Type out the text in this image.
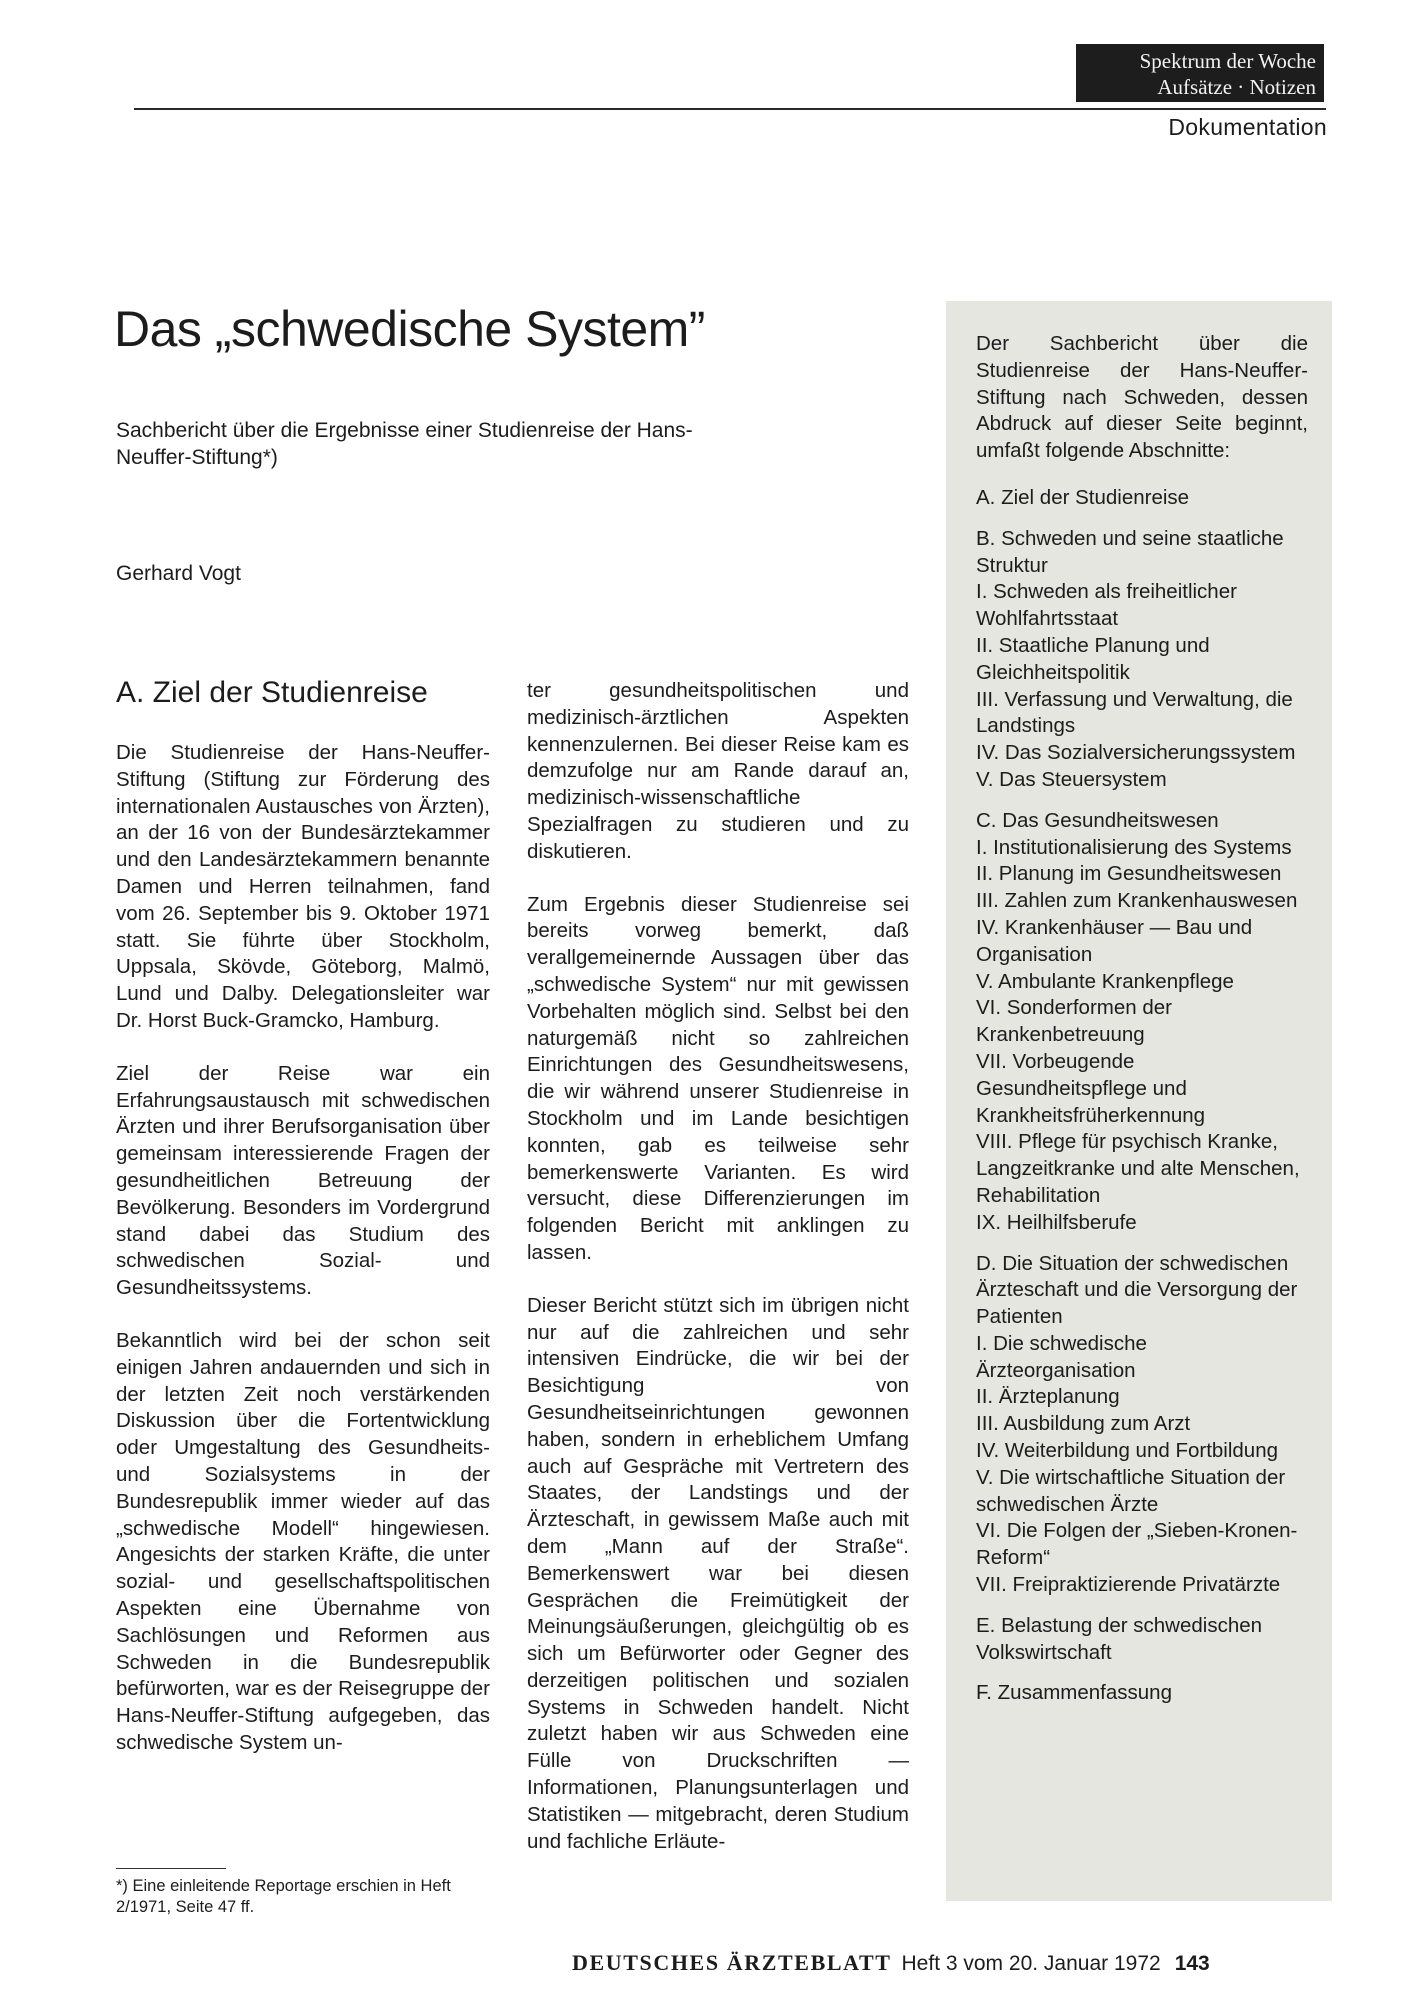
Spektrum der Woche
Aufsätze · Notizen
Dokumentation
Das „schwedische System”

Sachbericht über die Ergebnisse einer Studienreise der Hans-Neuffer-Stiftung*)

Gerhard Vogt

A. Ziel der Studienreise

Die Studienreise der Hans-Neuffer-Stiftung (Stiftung zur Förderung des internationalen Austausches von Ärzten), an der 16 von der Bundesärztekammer und den Landesärztekammern benannte Damen und Herren teilnahmen, fand vom 26. September bis 9. Oktober 1971 statt. Sie führte über Stockholm, Uppsala, Skövde, Göteborg, Malmö, Lund und Dalby. Delegationsleiter war Dr. Horst Buck-Gramcko, Hamburg.

Ziel der Reise war ein Erfahrungsaustausch mit schwedischen Ärzten und ihrer Berufsorganisation über gemeinsam interessierende Fragen der gesundheitlichen Betreuung der Bevölkerung. Besonders im Vordergrund stand dabei das Studium des schwedischen Sozial- und Gesundheitssystems.

Bekanntlich wird bei der schon seit einigen Jahren andauernden und sich in der letzten Zeit noch verstärkenden Diskussion über die Fortentwicklung oder Umgestaltung des Gesundheits- und Sozialsystems in der Bundesrepublik immer wieder auf das „schwedische Modell“ hingewiesen. Angesichts der starken Kräfte, die unter sozial- und gesellschaftspolitischen Aspekten eine Übernahme von Sachlösungen und Reformen aus Schweden in die Bundesrepublik befürworten, war es der Reisegruppe der Hans-Neuffer-Stiftung aufgegeben, das schwedische System un-

ter gesundheitspolitischen und medizinisch-ärztlichen Aspekten kennenzulernen. Bei dieser Reise kam es demzufolge nur am Rande darauf an, medizinisch-wissenschaftliche Spezialfragen zu studieren und zu diskutieren.

Zum Ergebnis dieser Studienreise sei bereits vorweg bemerkt, daß verallgemeinernde Aussagen über das „schwedische System“ nur mit gewissen Vorbehalten möglich sind. Selbst bei den naturgemäß nicht so zahlreichen Einrichtungen des Gesundheitswesens, die wir während unserer Studienreise in Stockholm und im Lande besichtigen konnten, gab es teilweise sehr bemerkenswerte Varianten. Es wird versucht, diese Differenzierungen im folgenden Bericht mit anklingen zu lassen.

Dieser Bericht stützt sich im übrigen nicht nur auf die zahlreichen und sehr intensiven Eindrücke, die wir bei der Besichtigung von Gesundheitseinrichtungen gewonnen haben, sondern in erheblichem Umfang auch auf Gespräche mit Vertretern des Staates, der Landstings und der Ärzteschaft, in gewissem Maße auch mit dem „Mann auf der Straße“. Bemerkenswert war bei diesen Gesprächen die Freimütigkeit der Meinungsäußerungen, gleichgültig ob es sich um Befürworter oder Gegner des derzeitigen politischen und sozialen Systems in Schweden handelt. Nicht zuletzt haben wir aus Schweden eine Fülle von Druckschriften — Informationen, Planungsunterlagen und Statistiken — mitgebracht, deren Studium und fachliche Erläute-

*) Eine einleitende Reportage erschien in Heft 2/1971, Seite 47 ff.

Der Sachbericht über die Studienreise der Hans-Neuffer-Stiftung nach Schweden, dessen Abdruck auf dieser Seite beginnt, umfaßt folgende Abschnitte:

A. Ziel der Studienreise
B. Schweden und seine staatliche Struktur
I. Schweden als freiheitlicher Wohlfahrtsstaat
II. Staatliche Planung und Gleichheitspolitik
III. Verfassung und Verwaltung, die Landstings
IV. Das Sozialversicherungssystem
V. Das Steuersystem
C. Das Gesundheitswesen
I. Institutionalisierung des Systems
II. Planung im Gesundheitswesen
III. Zahlen zum Krankenhauswesen
IV. Krankenhäuser — Bau und Organisation
V. Ambulante Krankenpflege
VI. Sonderformen der Krankenbetreuung
VII. Vorbeugende Gesundheitspflege und Krankheitsfrüherkennung
VIII. Pflege für psychisch Kranke, Langzeitkranke und alte Menschen, Rehabilitation
IX. Heilhilfsberufe
D. Die Situation der schwedischen Ärzteschaft und die Versorgung der Patienten
I. Die schwedische Ärzteorganisation
II. Ärzteplanung
III. Ausbildung zum Arzt
IV. Weiterbildung und Fortbildung
V. Die wirtschaftliche Situation der schwedischen Ärzte
VI. Die Folgen der „Sieben-Kronen-Reform“
VII. Freipraktizierende Privatärzte
E. Belastung der schwedischen Volkswirtschaft
F. Zusammenfassung
DEUTSCHES ÄRZTEBLATT Heft 3 vom 20. Januar 1972 143
